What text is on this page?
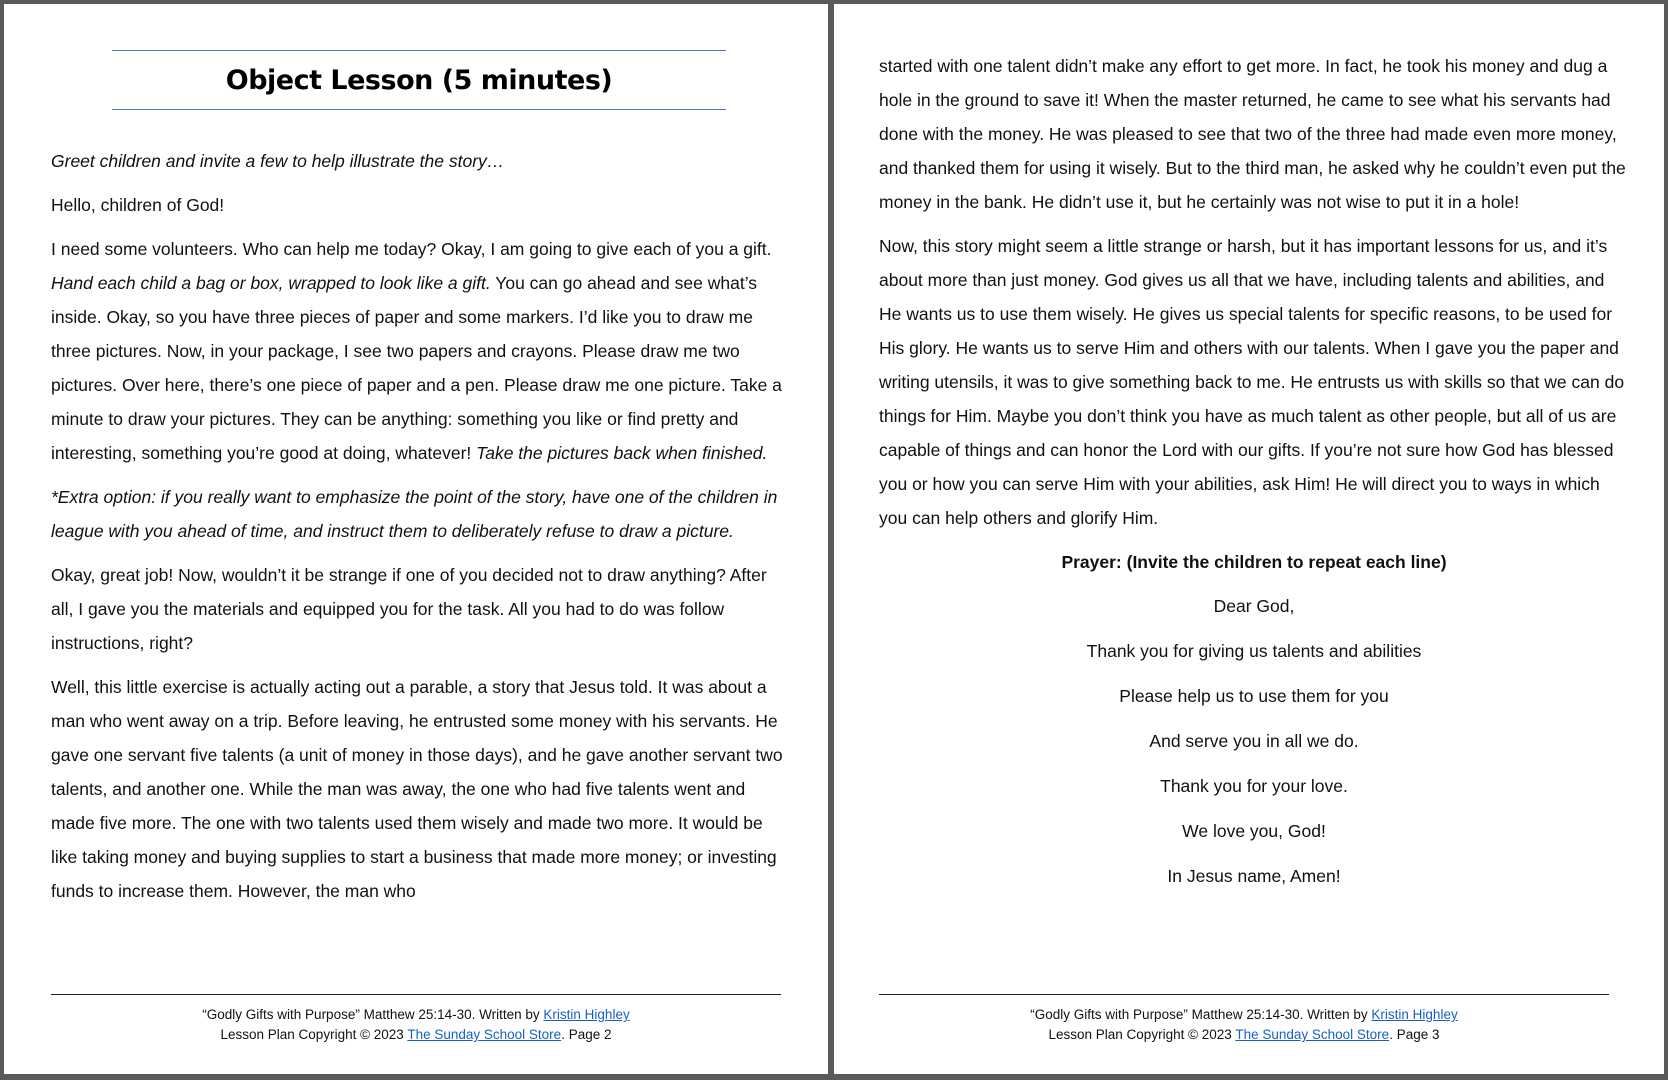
Object Lesson (5 minutes)

Greet children and invite a few to help illustrate the story…

Hello, children of God!

I need some volunteers. Who can help me today? Okay, I am going to give each of you a gift. Hand each child a bag or box, wrapped to look like a gift. You can go ahead and see what’s inside. Okay, so you have three pieces of paper and some markers. I’d like you to draw me three pictures. Now, in your package, I see two papers and crayons. Please draw me two pictures. Over here, there’s one piece of paper and a pen. Please draw me one picture. Take a minute to draw your pictures. They can be anything: something you like or find pretty and interesting, something you’re good at doing, whatever! Take the pictures back when finished.

*Extra option: if you really want to emphasize the point of the story, have one of the children in league with you ahead of time, and instruct them to deliberately refuse to draw a picture.

Okay, great job! Now, wouldn’t it be strange if one of you decided not to draw anything? After all, I gave you the materials and equipped you for the task. All you had to do was follow instructions, right?

Well, this little exercise is actually acting out a parable, a story that Jesus told. It was about a man who went away on a trip. Before leaving, he entrusted some money with his servants. He gave one servant five talents (a unit of money in those days), and he gave another servant two talents, and another one. While the man was away, the one who had five talents went and made five more. The one with two talents used them wisely and made two more. It would be like taking money and buying supplies to start a business that made more money; or investing funds to increase them. However, the man who

“Godly Gifts with Purpose” Matthew 25:14-30. Written by Kristin Highley
Lesson Plan Copyright © 2023 The Sunday School Store. Page 2

started with one talent didn’t make any effort to get more. In fact, he took his money and dug a hole in the ground to save it! When the master returned, he came to see what his servants had done with the money. He was pleased to see that two of the three had made even more money, and thanked them for using it wisely. But to the third man, he asked why he couldn’t even put the money in the bank. He didn’t use it, but he certainly was not wise to put it in a hole!

Now, this story might seem a little strange or harsh, but it has important lessons for us, and it’s about more than just money. God gives us all that we have, including talents and abilities, and He wants us to use them wisely. He gives us special talents for specific reasons, to be used for His glory. He wants us to serve Him and others with our talents. When I gave you the paper and writing utensils, it was to give something back to me. He entrusts us with skills so that we can do things for Him. Maybe you don’t think you have as much talent as other people, but all of us are capable of things and can honor the Lord with our gifts. If you’re not sure how God has blessed you or how you can serve Him with your abilities, ask Him! He will direct you to ways in which you can help others and glorify Him.

Prayer: (Invite the children to repeat each line)
Dear God,
Thank you for giving us talents and abilities
Please help us to use them for you
And serve you in all we do.
Thank you for your love.
We love you, God!
In Jesus name, Amen!
“Godly Gifts with Purpose” Matthew 25:14-30. Written by Kristin Highley
Lesson Plan Copyright © 2023 The Sunday School Store. Page 3
